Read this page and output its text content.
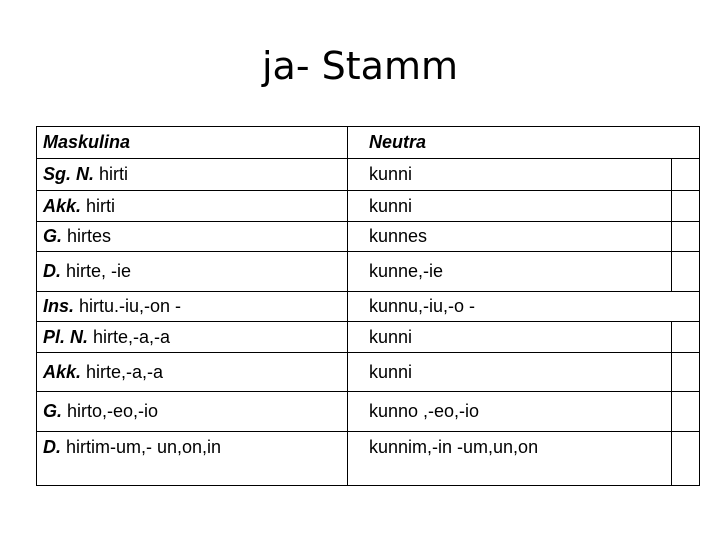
ja- Stamm
Maskulina	Neutra
Sg. N. hirti	kunni
Akk. hirti	kunni
G. hirtes	kunnes
D. hirte, -ie	kunne,-ie
Ins. hirtu.-iu,-on -	kunnu,-iu,-o -
Pl. N. hirte,-a,-a	kunni
Akk. hirte,-a,-a	kunni
G. hirto,-eo,-io	kunno ,-eo,-io
D. hirtim-um,- un,on,in	kunnim,-in -um,un,on
